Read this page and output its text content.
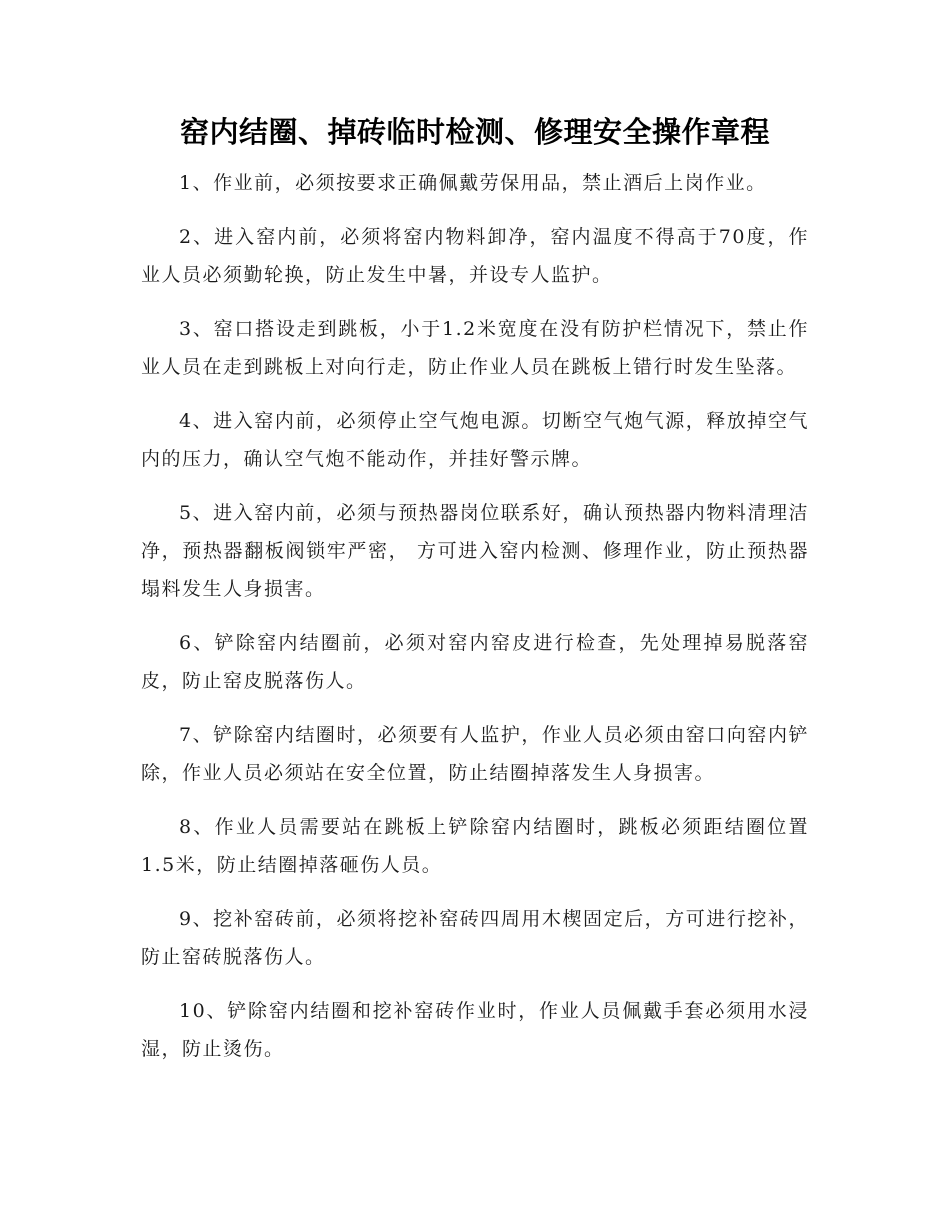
窑内结圈、掉砖临时检测、修理安全操作章程

1、作业前，必须按要求正确佩戴劳保用品，禁止酒后上岗作业。

2、进入窑内前，必须将窑内物料卸净，窑内温度不得高于70度，作业人员必须勤轮换，防止发生中暑，并设专人监护。

3、窑口搭设走到跳板，小于1.2米宽度在没有防护栏情况下，禁止作业人员在走到跳板上对向行走，防止作业人员在跳板上错行时发生坠落。

4、进入窑内前，必须停止空气炮电源。切断空气炮气源，释放掉空气内的压力，确认空气炮不能动作，并挂好警示牌。

5、进入窑内前，必须与预热器岗位联系好，确认预热器内物料清理洁净，预热器翻板阀锁牢严密， 方可进入窑内检测、修理作业，防止预热器塌料发生人身损害。

6、铲除窑内结圈前，必须对窑内窑皮进行检查，先处理掉易脱落窑皮，防止窑皮脱落伤人。

7、铲除窑内结圈时，必须要有人监护，作业人员必须由窑口向窑内铲除，作业人员必须站在安全位置，防止结圈掉落发生人身损害。

8、作业人员需要站在跳板上铲除窑内结圈时，跳板必须距结圈位置1.5米，防止结圈掉落砸伤人员。

9、挖补窑砖前，必须将挖补窑砖四周用木楔固定后，方可进行挖补，防止窑砖脱落伤人。

10、铲除窑内结圈和挖补窑砖作业时，作业人员佩戴手套必须用水浸湿，防止烫伤。
